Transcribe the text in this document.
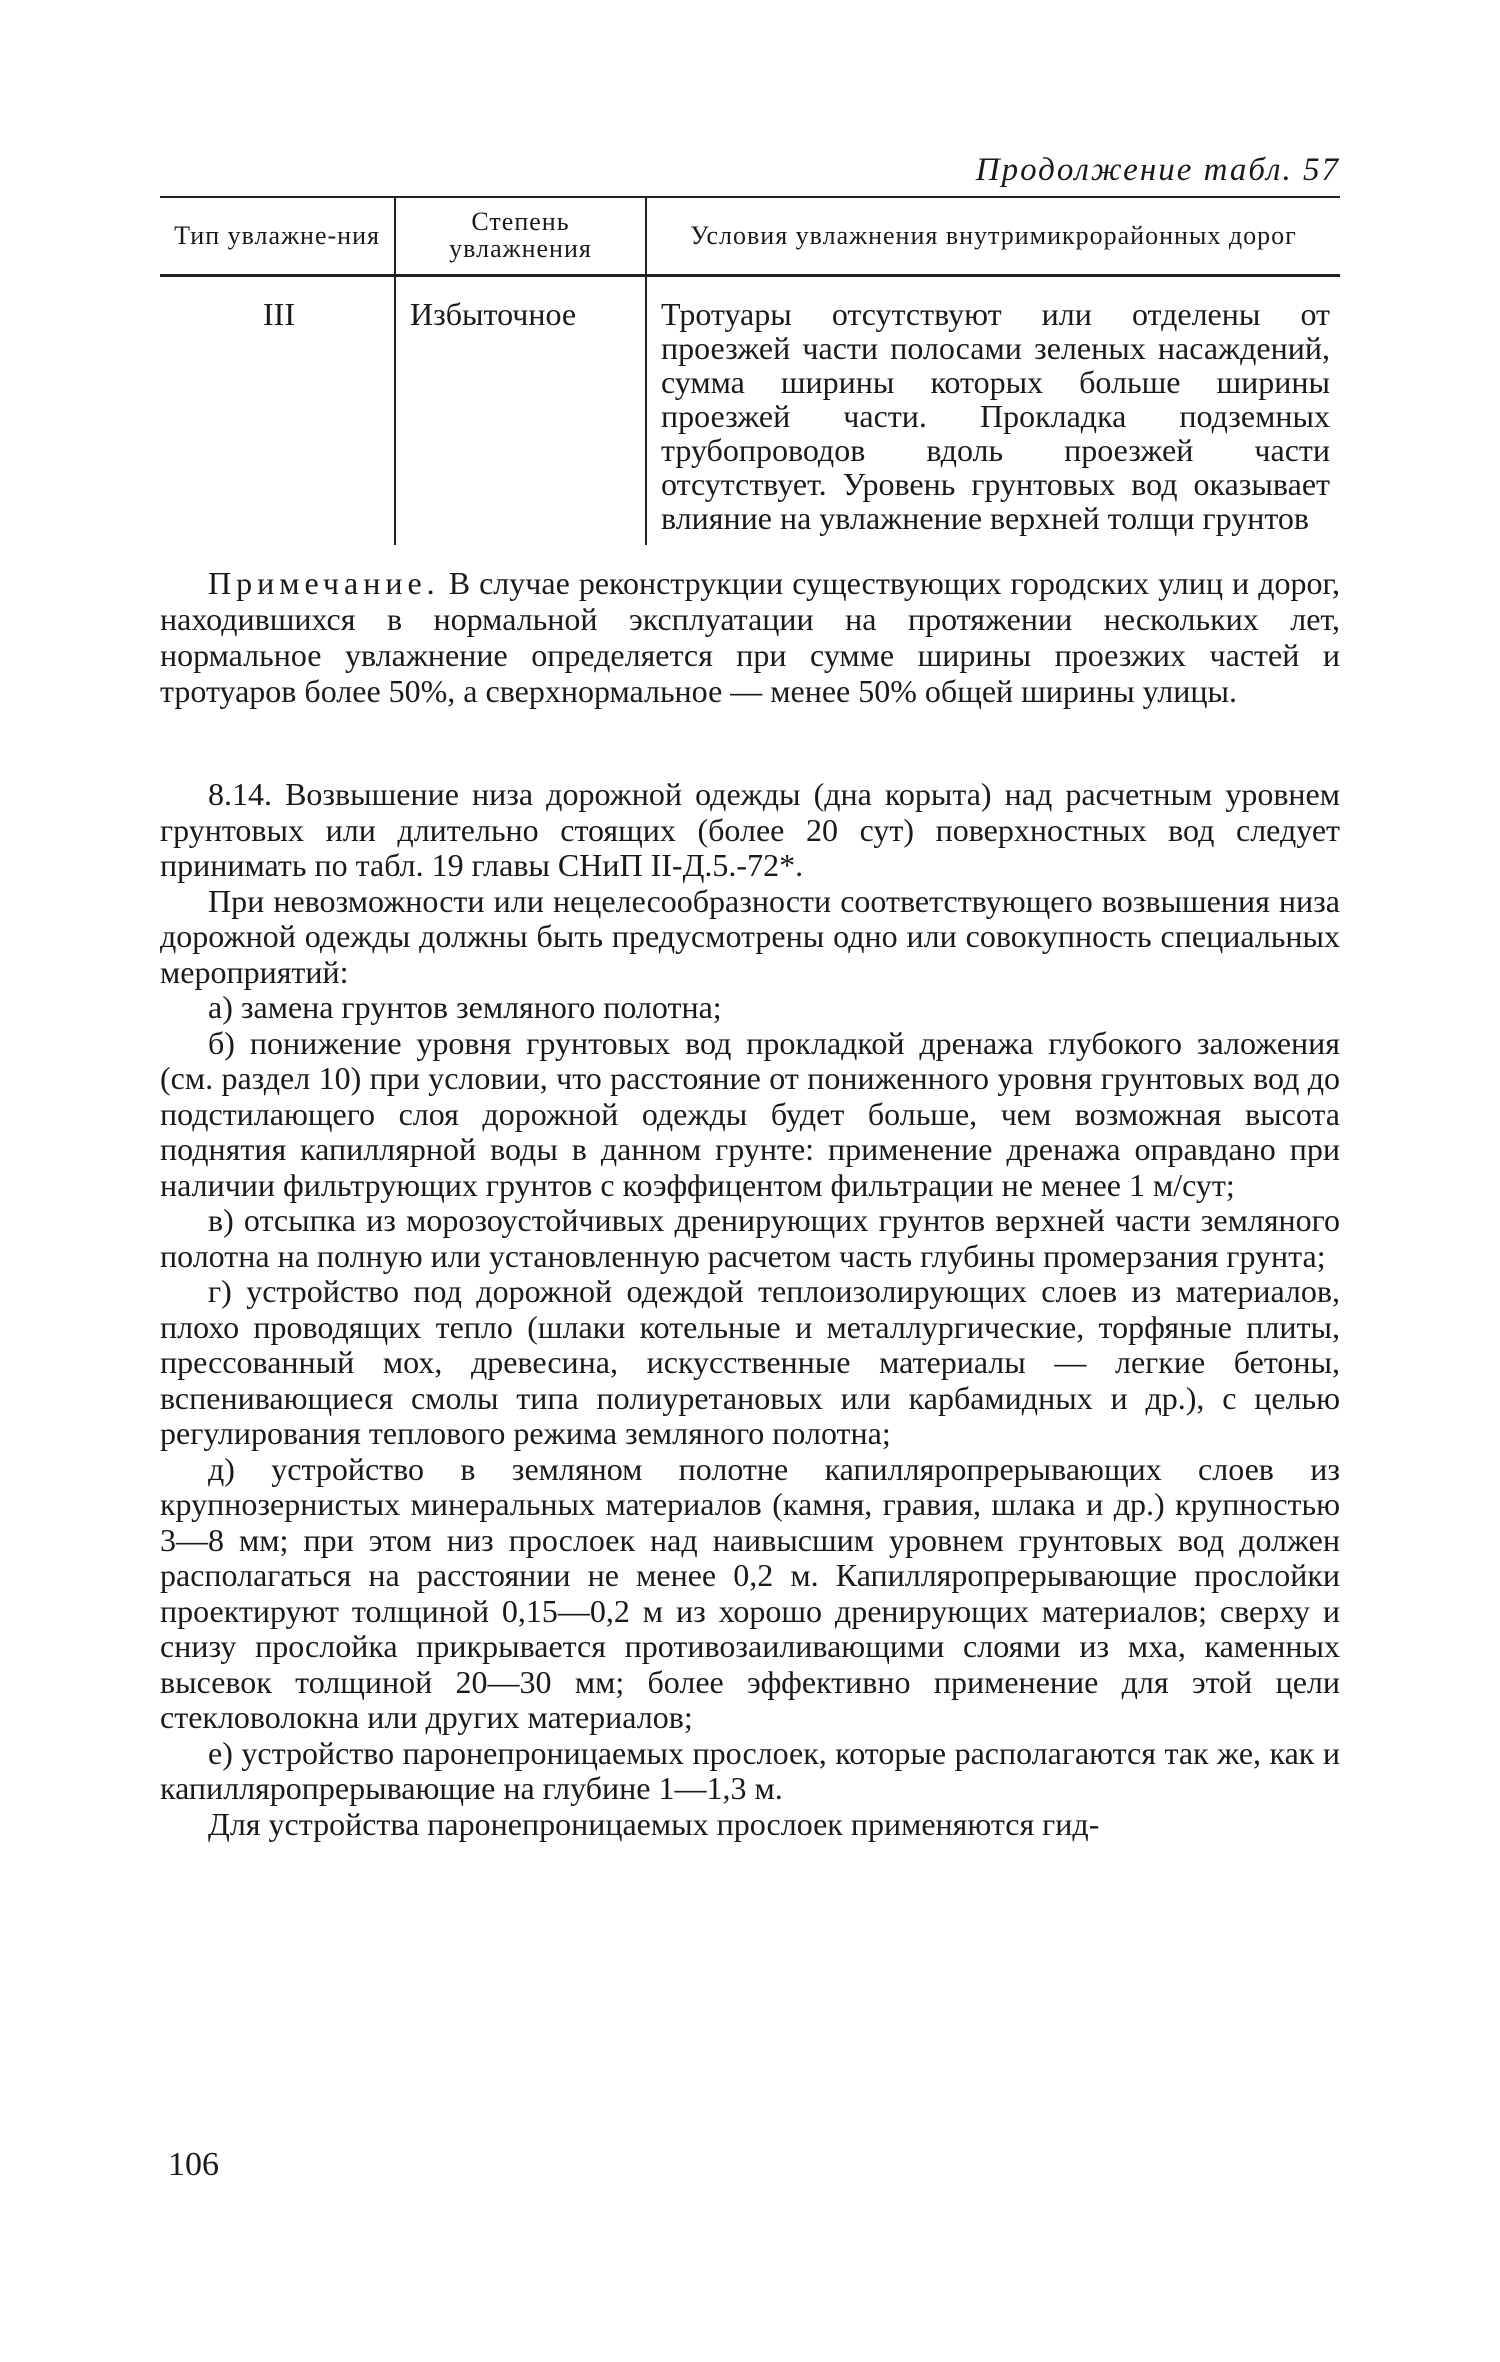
Продолжение табл. 57
Тип увлажне-ния	Степень увлажнения	Условия увлажнения внутримикрорайонных дорог
III	Избыточное	Тротуары отсутствуют или отделены от проезжей части полосами зеленых насаждений, сумма ширины которых больше ширины проезжей части. Прокладка подземных трубопроводов вдоль проезжей части отсутствует. Уровень грунтовых вод оказывает влияние на увлажнение верхней толщи грунтов

Примечание. В случае реконструкции существующих городских улиц и дорог, находившихся в нормальной эксплуатации на протяжении нескольких лет, нормальное увлажнение определяется при сумме ширины проезжих частей и тротуаров более 50%, а сверхнормальное — менее 50% общей ширины улицы.

8.14. Возвышение низа дорожной одежды (дна корыта) над расчетным уровнем грунтовых или длительно стоящих (более 20 сут) поверхностных вод следует принимать по табл. 19 главы СНиП II-Д.5.-72*.

При невозможности или нецелесообразности соответствующего возвышения низа дорожной одежды должны быть предусмотрены одно или совокупность специальных мероприятий:

а) замена грунтов земляного полотна;

б) понижение уровня грунтовых вод прокладкой дренажа глубокого заложения (см. раздел 10) при условии, что расстояние от пониженного уровня грунтовых вод до подстилающего слоя дорожной одежды будет больше, чем возможная высота поднятия капиллярной воды в данном грунте: применение дренажа оправдано при наличии фильтрующих грунтов с коэффицентом фильтрации не менее 1 м/сут;

в) отсыпка из морозоустойчивых дренирующих грунтов верхней части земляного полотна на полную или установленную расчетом часть глубины промерзания грунта;

г) устройство под дорожной одеждой теплоизолирующих слоев из материалов, плохо проводящих тепло (шлаки котельные и металлургические, торфяные плиты, прессованный мох, древесина, искусственные материалы — легкие бетоны, вспенивающиеся смолы типа полиуретановых или карбамидных и др.), с целью регулирования теплового режима земляного полотна;

д) устройство в земляном полотне капилляропрерывающих слоев из крупнозернистых минеральных материалов (камня, гравия, шлака и др.) крупностью 3—8 мм; при этом низ прослоек над наивысшим уровнем грунтовых вод должен располагаться на расстоянии не менее 0,2 м. Капилляропрерывающие прослойки проектируют толщиной 0,15—0,2 м из хорошо дренирующих материалов; сверху и снизу прослойка прикрывается противозаиливающими слоями из мха, каменных высевок толщиной 20—30 мм; более эффективно применение для этой цели стекловолокна или других материалов;

е) устройство паронепроницаемых прослоек, которые располагаются так же, как и капилляропрерывающие на глубине 1—1,3 м.

Для устройства паронепроницаемых прослоек применяются гид-

106
